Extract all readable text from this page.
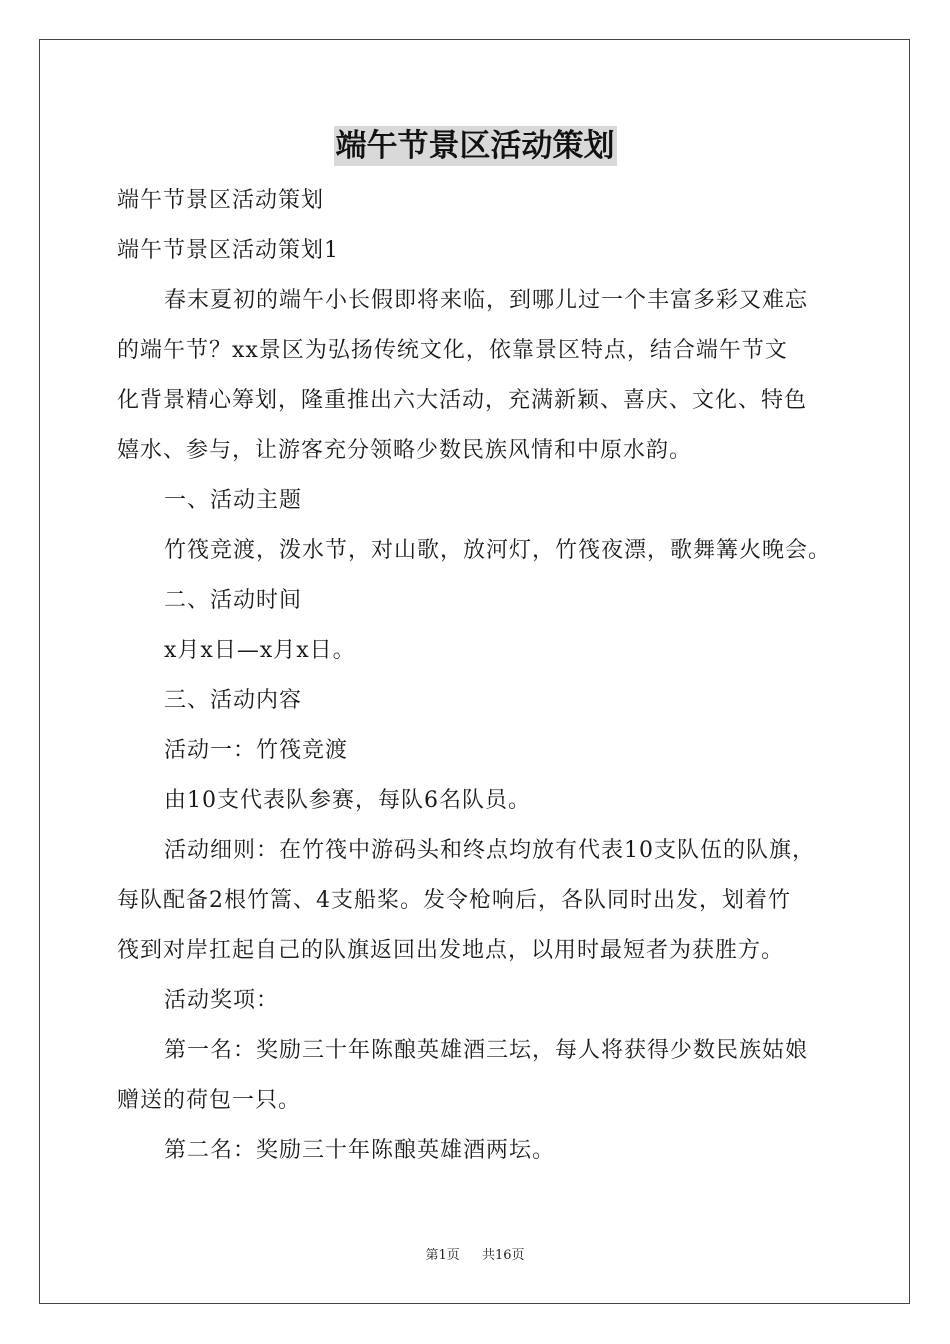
端午节景区活动策划

端午节景区活动策划

端午节景区活动策划1

春末夏初的端午小长假即将来临，到哪儿过一个丰富多彩又难忘

的端午节？xx景区为弘扬传统文化，依靠景区特点，结合端午节文

化背景精心筹划，隆重推出六大活动，充满新颖、喜庆、文化、特色

嬉水、参与，让游客充分领略少数民族风情和中原水韵。

一、活动主题

竹筏竞渡，泼水节，对山歌，放河灯，竹筏夜漂，歌舞篝火晚会。

二、活动时间

x月x日—x月x日。

三、活动内容

活动一：竹筏竞渡

由10支代表队参赛，每队6名队员。

活动细则：在竹筏中游码头和终点均放有代表10支队伍的队旗，

每队配备2根竹篙、4支船桨。发令枪响后，各队同时出发，划着竹

筏到对岸扛起自己的队旗返回出发地点，以用时最短者为获胜方。

活动奖项：

第一名：奖励三十年陈酿英雄酒三坛，每人将获得少数民族姑娘

赠送的荷包一只。

第二名：奖励三十年陈酿英雄酒两坛。

第1页 共16页
